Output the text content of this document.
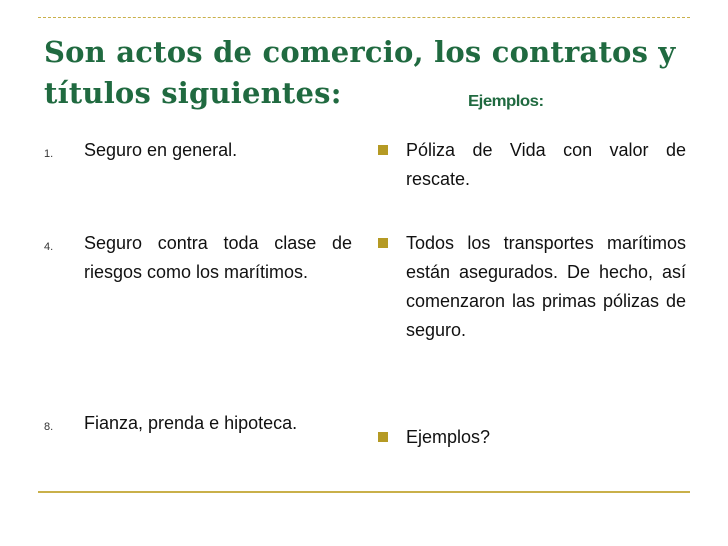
Son actos de comercio, los contratos y
títulos siguientes:	Ejemplos:
1. Seguro en general.
4. Seguro contra toda clase de riesgos como los marítimos.
8. Fianza, prenda e hipoteca.
Póliza de Vida con valor de rescate.
Todos los transportes marítimos están asegurados. De hecho, así comenzaron las primas pólizas de seguro.
Ejemplos?
